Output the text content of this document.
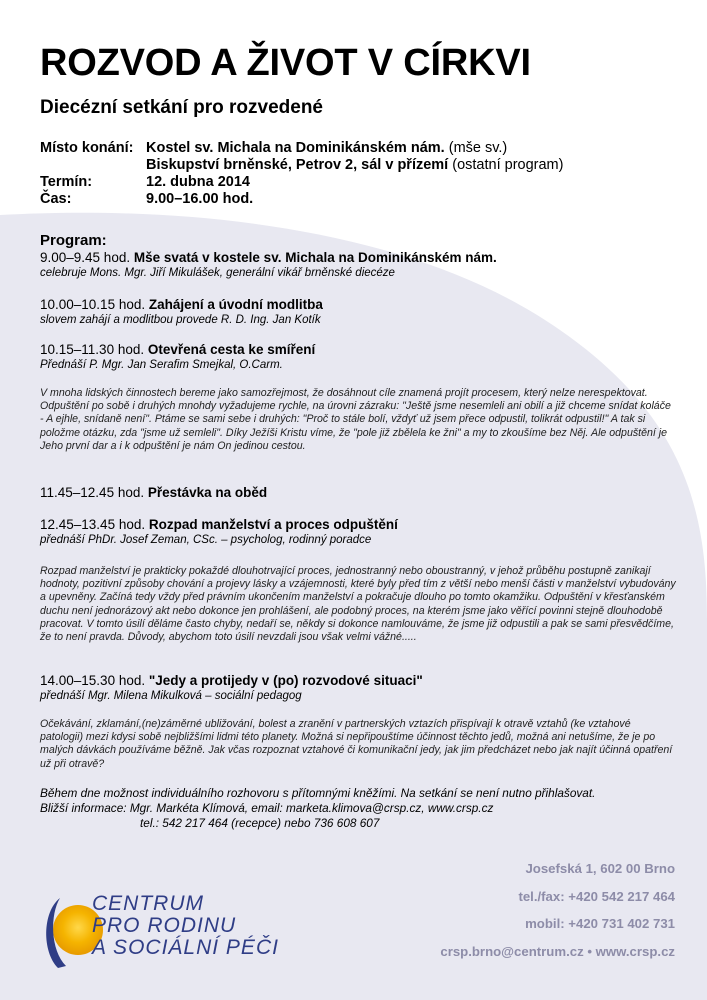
ROZVOD A ŽIVOT V CÍRKVI
Diecézní setkání pro rozvedené
Místo konání: Kostel sv. Michala na Dominikánském nám. (mše sv.)
Biskupství brněnské, Petrov 2, sál v přízemí (ostatní program)
Termín:	12. dubna 2014
Čas:	9.00–16.00 hod.
Program:
9.00–9.45 hod. Mše svatá v kostele sv. Michala na Dominikánském nám.
celebruje Mons. Mgr. Jiří Mikulášek, generální vikář brněnské diecéze
10.00–10.15 hod. Zahájení a úvodní modlitba
slovem zahájí a modlitbou provede R. D. Ing. Jan Kotík
10.15–11.30 hod. Otevřená cesta ke smíření
Přednáší P. Mgr. Jan Serafim Smejkal, O.Carm.
V mnoha lidských činnostech bereme jako samozřejmost, že dosáhnout cíle znamená projít procesem, který nelze nerespektovat. Odpuštění po sobě i druhých mnohdy vyžadujeme rychle, na úrovni zázraku: "Ještě jsme nesemleli ani obilí a již chceme snídat koláče - A ejhle, snídaně není". Ptáme se sami sebe i druhých: "Proč to stále bolí, vždyť už jsem přece odpustil, tolikrát odpustil!" A tak si položme otázku, zda "jsme už semleli". Díky Ježíši Kristu víme, že "pole již zbělela ke žni" a my to zkoušíme bez Něj. Ale odpuštění je Jeho první dar a i k odpuštění je nám On jedinou cestou.
11.45–12.45 hod. Přestávka na oběd
12.45–13.45 hod. Rozpad manželství a proces odpuštění
přednáší PhDr. Josef Zeman, CSc. – psycholog, rodinný poradce
Rozpad manželství je prakticky pokaždé dlouhotrvající proces, jednostranný nebo oboustranný, v jehož průběhu postupně zanikají hodnoty, pozitivní způsoby chování a projevy lásky a vzájemnosti, které byly před tím z větší nebo menší části v manželství vybudovány a upevněny. Začíná tedy vždy před právním ukončením manželství a pokračuje dlouho po tomto okamžiku. Odpuštění v křesťanském duchu není jednorázový akt nebo dokonce jen prohlášení, ale podobný proces, na kterém jsme jako věřící povinni stejně dlouhodobě pracovat. V tomto úsilí děláme často chyby, nedaří se, někdy si dokonce namlouváme, že jsme již odpustili a pak se sami přesvědčíme, že to není pravda. Důvody, abychom toto úsilí nevzdali jsou však velmi vážné.....
14.00–15.30 hod. "Jedy a protijedy v (po) rozvodové situaci"
přednáší Mgr. Milena Mikulková – sociální pedagog
Očekávání, zklamání,(ne)záměrné ubližování, bolest a zranění v partnerských vztazích přispívají k otravě vztahů (ke vztahové patologii) mezi kdysi sobě nejbližšími lidmi této planety. Možná si nepřipouštíme účinnost těchto jedů, možná ani netušíme, že je po malých dávkách používáme běžně. Jak včas rozpoznat vztahové či komunikační jedy, jak jim předcházet nebo jak najít účinná opatření už při otravě?
Během dne možnost individuálního rozhovoru s přítomnými kněžími. Na setkání se není nutno přihlašovat.
Bližší informace: Mgr. Markéta Klímová, email: marketa.klimova@crsp.cz, www.crsp.cz
tel.: 542 217 464 (recepce) nebo 736 608 607
Josefská 1, 602 00 Brno
tel./fax: +420 542 217 464
mobil: +420 731 402 731
crsp.brno@centrum.cz • www.crsp.cz
CENTRUM
PRO RODINU
A SOCIÁLNÍ PÉČI
